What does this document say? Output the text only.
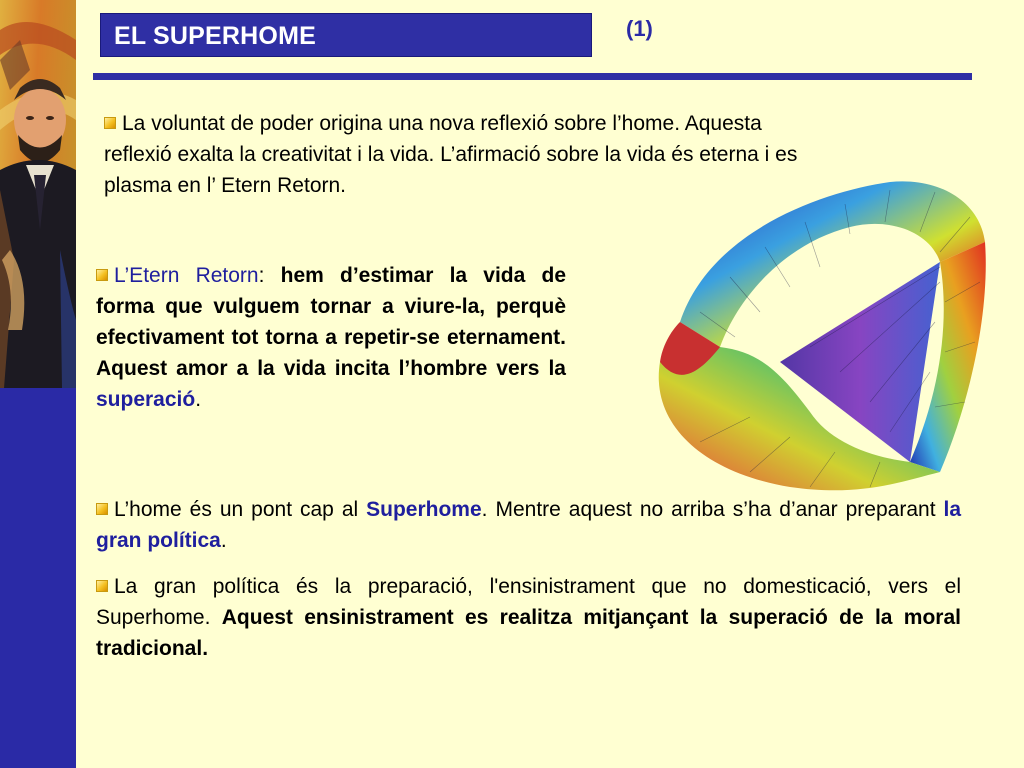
EL SUPERHOME	(1)
La voluntat de poder origina una nova reflexió sobre l’home. Aquesta reflexió exalta la creativitat i la vida. L’afirmació sobre la vida és eterna i es plasma en l’ Etern Retorn.
L’Etern Retorn: hem d’estimar la vida de forma que vulguem tornar a viure-la, perquè efectivament tot torna a repetir-se eternament. Aquest amor a la vida incita l’hombre vers la superació.
L’home és un pont cap al Superhome. Mentre aquest no arriba s’ha d’anar preparant la gran política.
La gran política és la preparació, l'ensinistrament que no domesticació, vers el Superhome. Aquest ensinistrament es realitza mitjançant la superació de la moral tradicional.
